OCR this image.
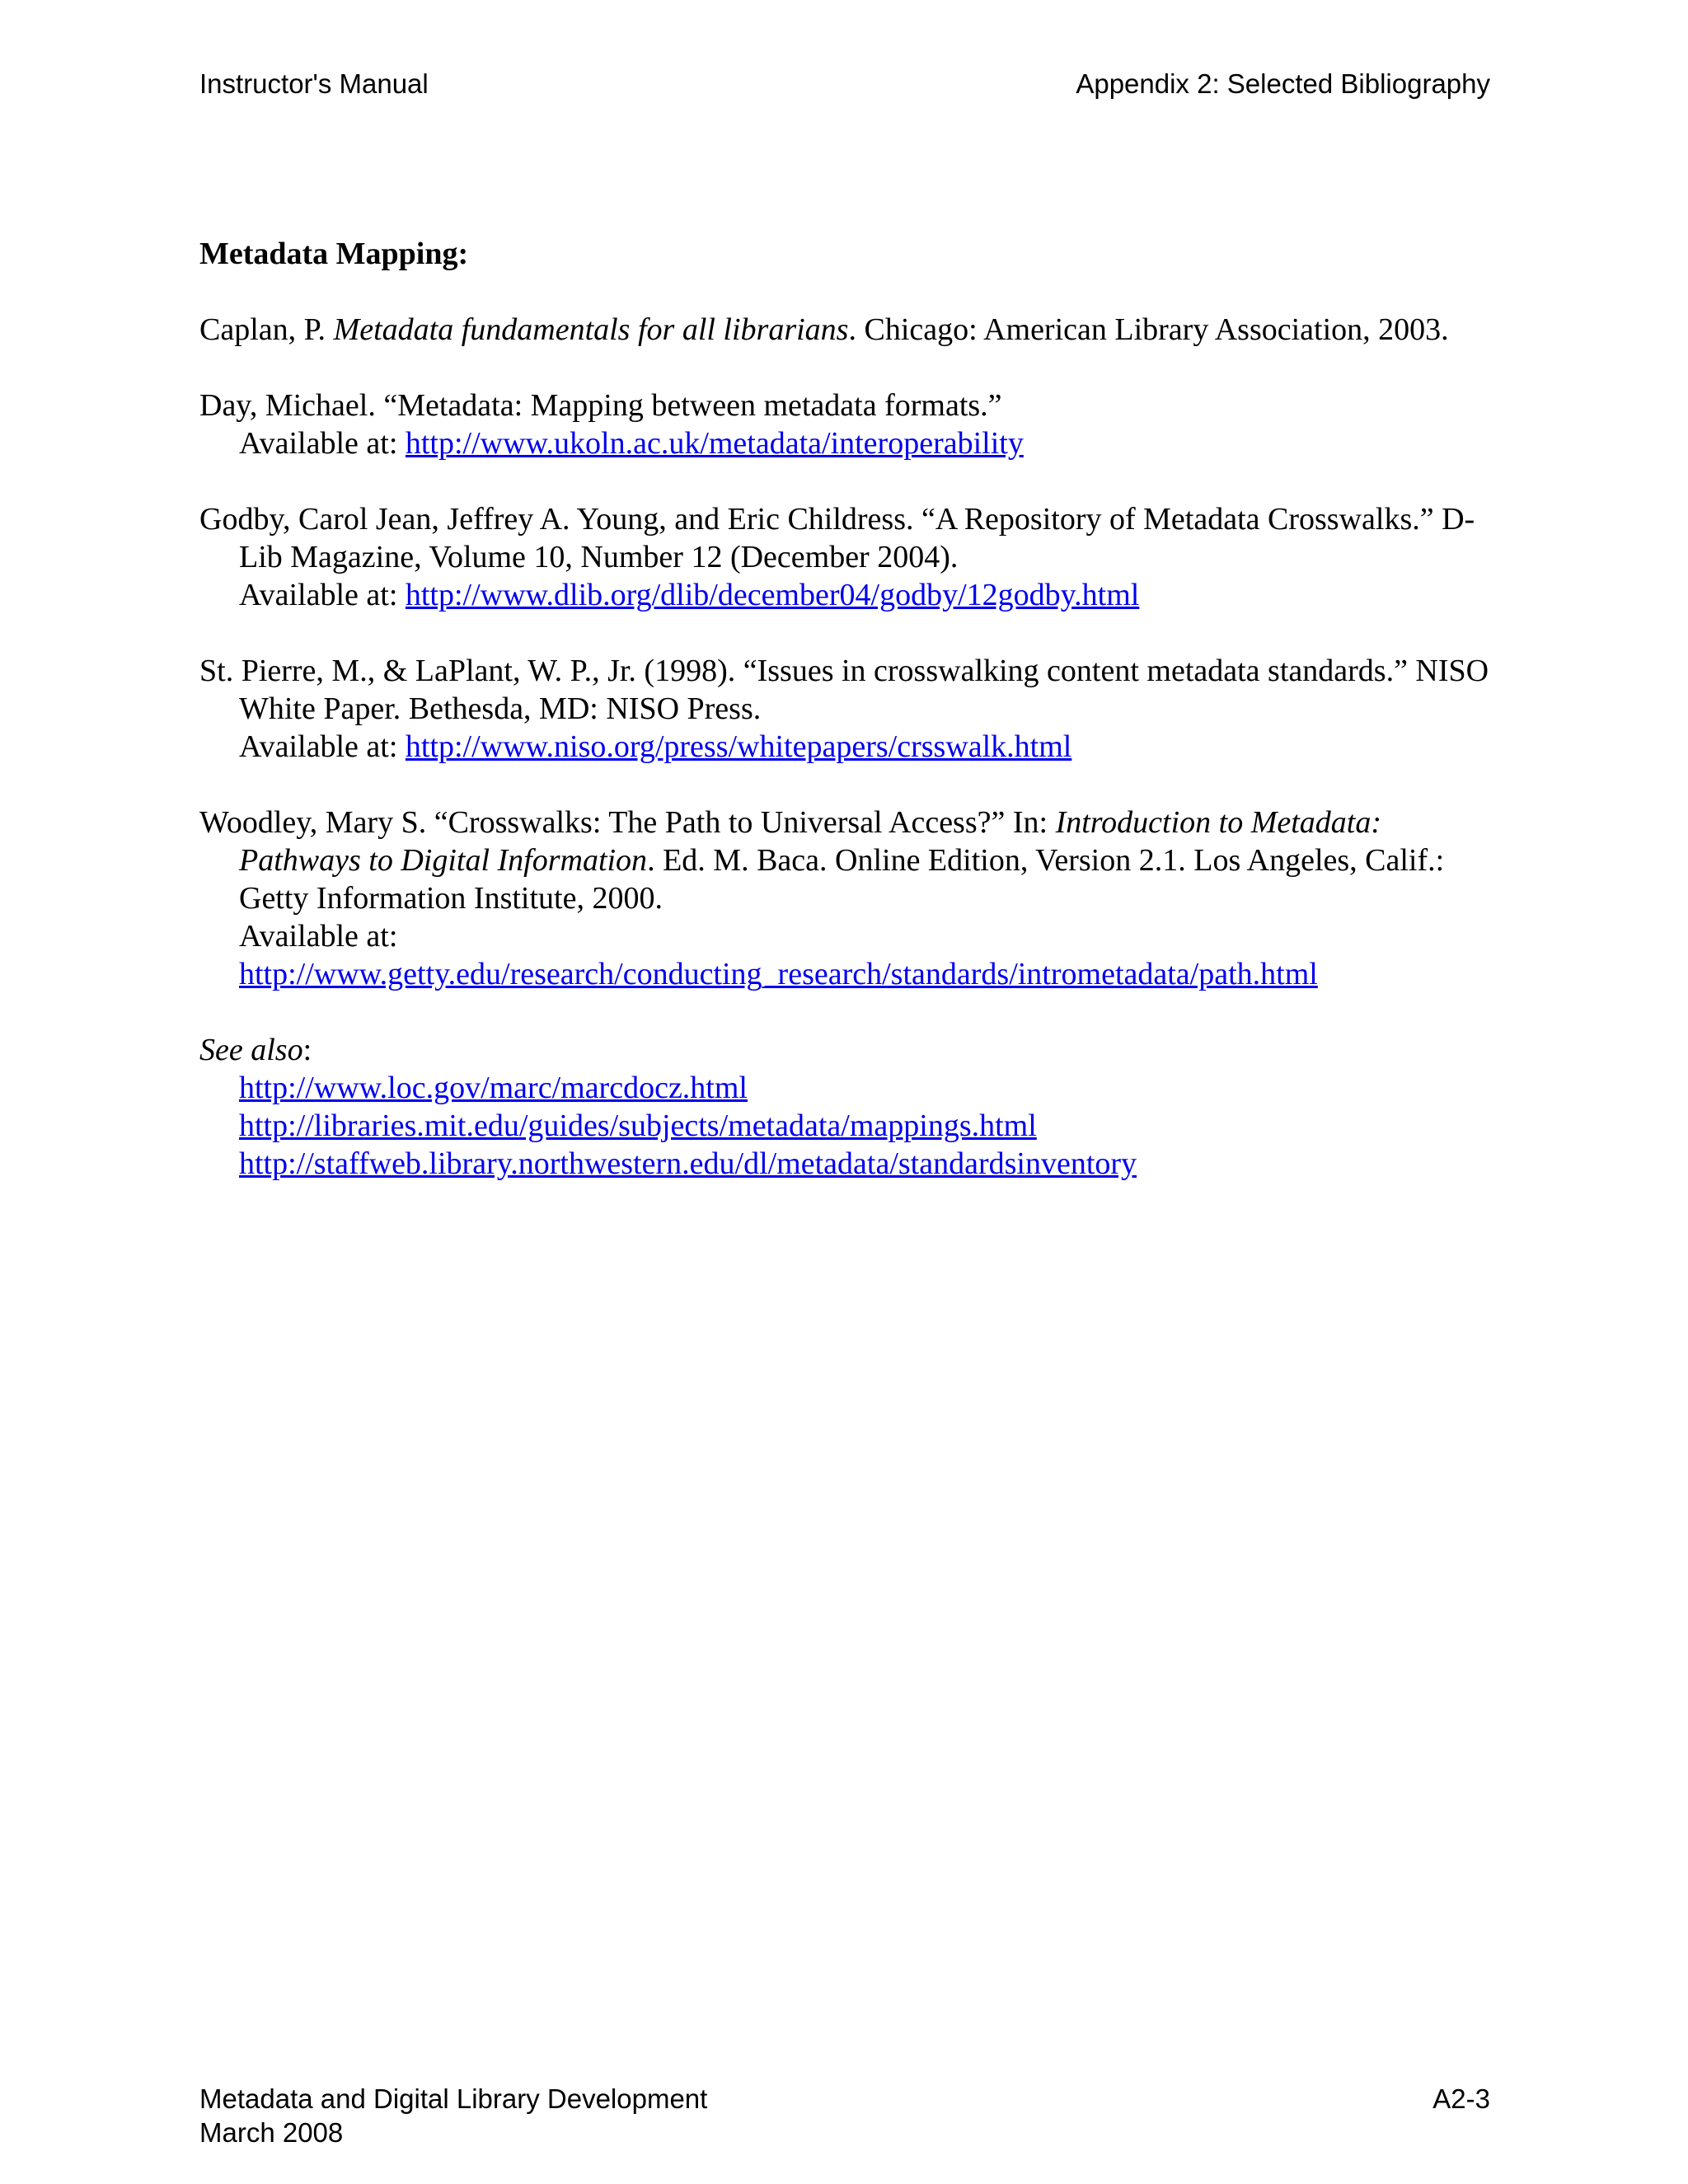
Instructor's Manual	Appendix 2: Selected Bibliography
Metadata Mapping:
Caplan, P. Metadata fundamentals for all librarians. Chicago: American Library Association, 2003.
Day, Michael. “Metadata: Mapping between metadata formats.”
Available at: http://www.ukoln.ac.uk/metadata/interoperability
Godby, Carol Jean, Jeffrey A. Young, and Eric Childress. “A Repository of Metadata Crosswalks.” D-Lib Magazine, Volume 10, Number 12 (December 2004).
Available at: http://www.dlib.org/dlib/december04/godby/12godby.html
St. Pierre, M., & LaPlant, W. P., Jr. (1998). “Issues in crosswalking content metadata standards.” NISO White Paper. Bethesda, MD: NISO Press.
Available at: http://www.niso.org/press/whitepapers/crsswalk.html
Woodley, Mary S. “Crosswalks: The Path to Universal Access?” In: Introduction to Metadata: Pathways to Digital Information. Ed. M. Baca. Online Edition, Version 2.1. Los Angeles, Calif.: Getty Information Institute, 2000.
Available at:
http://www.getty.edu/research/conducting_research/standards/intrometadata/path.html
See also:
http://www.loc.gov/marc/marcdocz.html
http://libraries.mit.edu/guides/subjects/metadata/mappings.html
http://staffweb.library.northwestern.edu/dl/metadata/standardsinventory
Metadata and Digital Library Development
March 2008
A2-3
